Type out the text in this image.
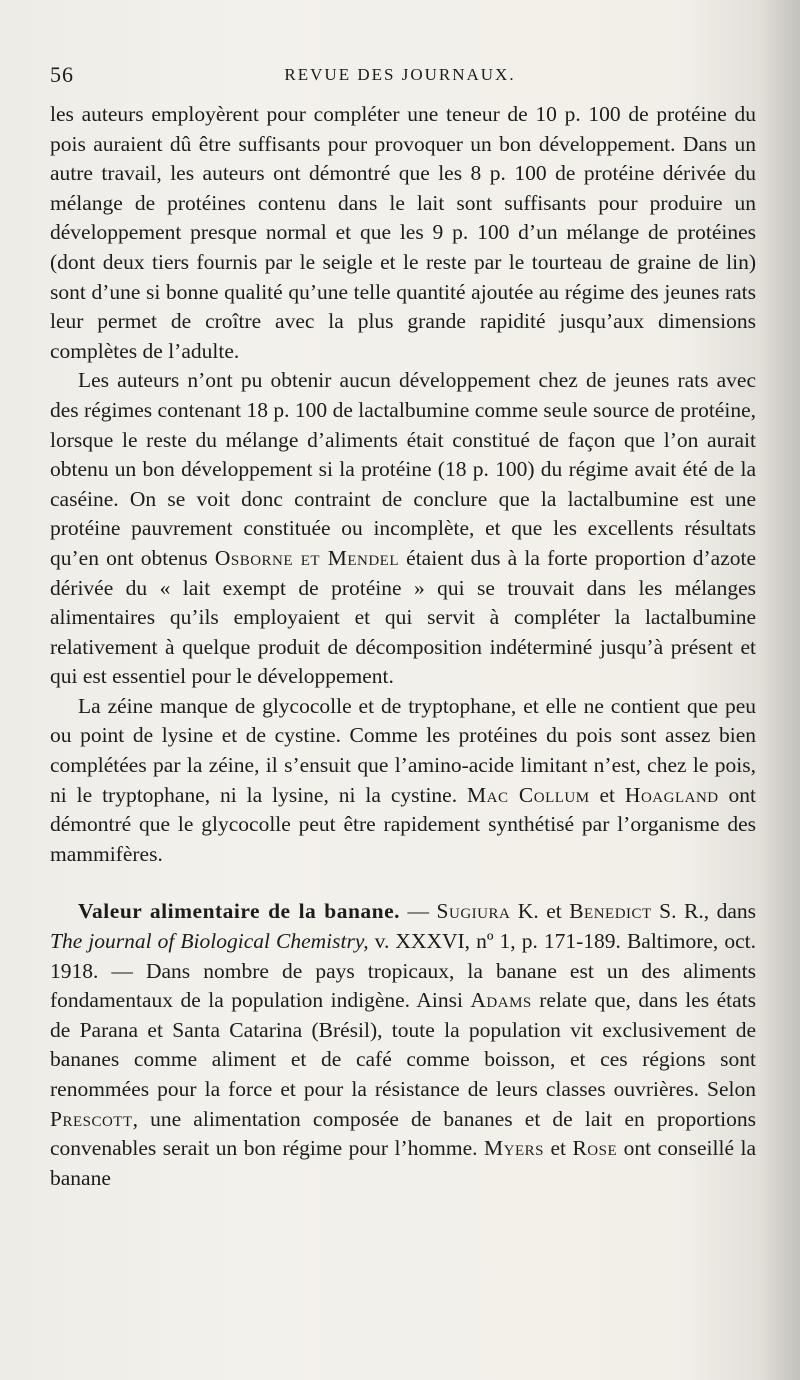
56	REVUE DES JOURNAUX.

les auteurs employèrent pour compléter une teneur de 10 p. 100 de protéine du pois auraient dû être suffisants pour provoquer un bon développement. Dans un autre travail, les auteurs ont démontré que les 8 p. 100 de protéine dérivée du mélange de protéines contenu dans le lait sont suffisants pour produire un développement presque normal et que les 9 p. 100 d’un mélange de protéines (dont deux tiers fournis par le seigle et le reste par le tourteau de graine de lin) sont d’une si bonne qualité qu’une telle quantité ajoutée au régime des jeunes rats leur permet de croître avec la plus grande rapidité jusqu’aux dimensions complètes de l’adulte.

Les auteurs n’ont pu obtenir aucun développement chez de jeunes rats avec des régimes contenant 18 p. 100 de lactalbumine comme seule source de protéine, lorsque le reste du mélange d’aliments était constitué de façon que l’on aurait obtenu un bon développement si la protéine (18 p. 100) du régime avait été de la caséine. On se voit donc contraint de conclure que la lactalbumine est une protéine pauvrement constituée ou incomplète, et que les excellents résultats qu’en ont obtenus Osborne et Mendel étaient dus à la forte proportion d’azote dérivée du « lait exempt de protéine » qui se trouvait dans les mélanges alimentaires qu’ils employaient et qui servit à compléter la lactalbumine relativement à quelque produit de décomposition indéterminé jusqu’à présent et qui est essentiel pour le développement.

La zéine manque de glycocolle et de tryptophane, et elle ne contient que peu ou point de lysine et de cystine. Comme les protéines du pois sont assez bien complétées par la zéine, il s’ensuit que l’amino-acide limitant n’est, chez le pois, ni le tryptophane, ni la lysine, ni la cystine. Mac Collum et Hoagland ont démontré que le glycocolle peut être rapidement synthétisé par l’organisme des mammifères.

Valeur alimentaire de la banane. — Sugiura K. et Benedict S. R., dans The journal of Biological Chemistry, v. XXXVI, nº 1, p. 171-189. Baltimore, oct. 1918. — Dans nombre de pays tropicaux, la banane est un des aliments fondamentaux de la population indigène. Ainsi Adams relate que, dans les états de Parana et Santa Catarina (Brésil), toute la population vit exclusivement de bananes comme aliment et de café comme boisson, et ces régions sont renommées pour la force et pour la résistance de leurs classes ouvrières. Selon Prescott, une alimentation composée de bananes et de lait en proportions convenables serait un bon régime pour l’homme. Myers et Rose ont conseillé la banane
